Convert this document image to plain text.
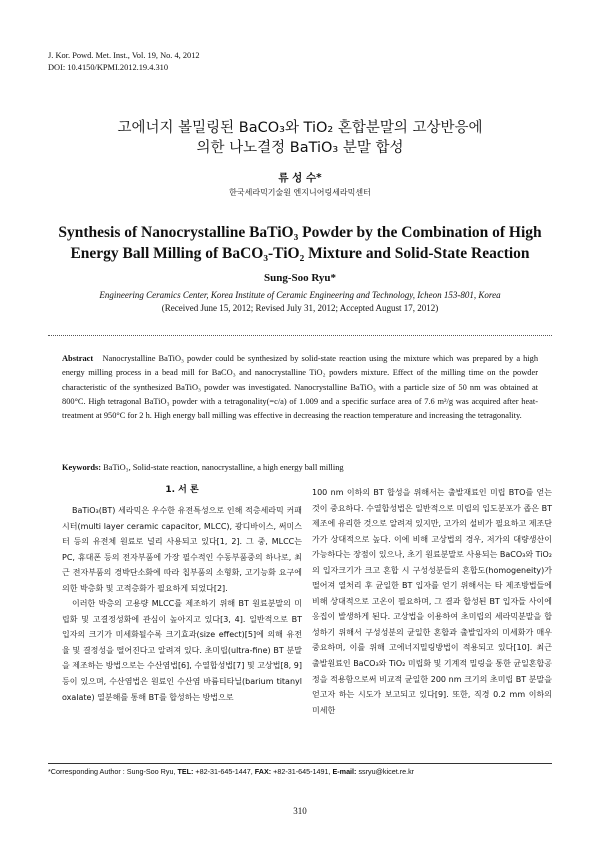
J. Kor. Powd. Met. Inst., Vol. 19, No. 4, 2012
DOI: 10.4150/KPMI.2012.19.4.310
고에너지 볼밀링된 BaCO₃와 TiO₂ 혼합분말의 고상반응에
의한 나노결정 BaTiO₃ 분말 합성
류 성 수*
한국세라믹기술원 엔지니어링세라믹센터
Synthesis of Nanocrystalline BaTiO₃ Powder by the Combination of High
Energy Ball Milling of BaCO₃-TiO₂ Mixture and Solid-State Reaction
Sung-Soo Ryu*
Engineering Ceramics Center, Korea Institute of Ceramic Engineering and Technology, Icheon 153-801, Korea
(Received June 15, 2012; Revised July 31, 2012; Accepted August 17, 2012)
Abstract Nanocrystalline BaTiO₃ powder could be synthesized by solid-state reaction using the mixture which was prepared by a high energy milling process in a bead mill for BaCO₃ and nanocrystalline TiO₂ powders mixture. Effect of the milling time on the powder characteristic of the synthesized BaTiO₃ powder was investigated. Nanocrystalline BaTiO₃ with a particle size of 50 nm was obtained at 800°C. High tetragonal BaTiO₃ powder with a tetragonality(=c/a) of 1.009 and a specific surface area of 7.6 m²/g was acquired after heat-treatment at 950°C for 2 h. High energy ball milling was effective in decreasing the reaction temperature and increasing the tetragonality.
Keywords: BaTiO₃, Solid-state reaction, nanocrystalline, a high energy ball milling
1. 서 론

BaTiO₃(BT) 세라믹은 우수한 유전특성으로 인해 적층세라믹 커패시터(multi layer ceramic capacitor, MLCC), 광디바이스, 써미스터 등의 유전체 원료로 널리 사용되고 있다[1, 2]. 그 중, MLCC는 PC, 휴대폰 등의 전자부품에 가장 필수적인 수동부품중의 하나로, 최근 전자부품의 경박단소화에 따라 칩부품의 소형화, 고기능화 요구에 의한 박층화 및 고적층화가 필요하게 되었다[2].

이러한 박층의 고용량 MLCC를 제조하기 위해 BT 원료분말의 미립화 및 고결정성화에 관심이 높아지고 있다[3, 4]. 일반적으로 BT 입자의 크기가 미세화될수록 크기효과(size effect)[5]에 의해 유전율 및 결정성을 떨어진다고 알려져 있다. 초미립(ultra-fine) BT 분말을 제조하는 방법으로는 수산염법[6], 수열합성법[7] 및 고상법[8, 9] 등이 있으며, 수산염법은 원료인 수산염 바륨티타닐(barium titanyl oxalate) 열분해를 통해 BT를 합성하는 방법으로

100 nm 이하의 BT 합성을 위해서는 출발재료인 미립 BTO를 얻는 것이 중요하다. 수열합성법은 일반적으로 미립의 입도분포가 좁은 BT 제조에 유리한 것으로 알려져 있지만, 고가의 설비가 필요하고 제조단가가 상대적으로 높다. 이에 비해 고상법의 경우, 저가의 대량생산이 가능하다는 장점이 있으나, 초기 원료분말로 사용되는 BaCO₃와 TiO₂의 입자크기가 크고 혼합 시 구성성분들의 혼합도(homogeneity)가 떨어져 열처리 후 균일한 BT 입자를 얻기 위해서는 타 제조방법들에 비해 상대적으로 고온이 필요하며, 그 결과 합성된 BT 입자들 사이에 응집이 발생하게 된다. 고상법을 이용하여 초미립의 세라믹분말을 합성하기 위해서 구성성분의 균일한 혼합과 출발입자의 미세화가 매우 중요하며, 이를 위해 고에너지밀링방법이 적용되고 있다[10]. 최근 출발원료인 BaCO₃와 TiO₂ 미립화 및 기계적 밀링을 통한 균일혼합공정을 적용함으로써 비교적 균일한 200 nm 크기의 초미립 BT 분말을 얻고자 하는 시도가 보고되고 있다[9]. 또한, 직경 0.2 mm 이하의 미세한

*Corresponding Author : Sung-Soo Ryu, TEL: +82-31-645-1447, FAX: +82-31-645-1491, E-mail: ssryu@kicet.re.kr
310
